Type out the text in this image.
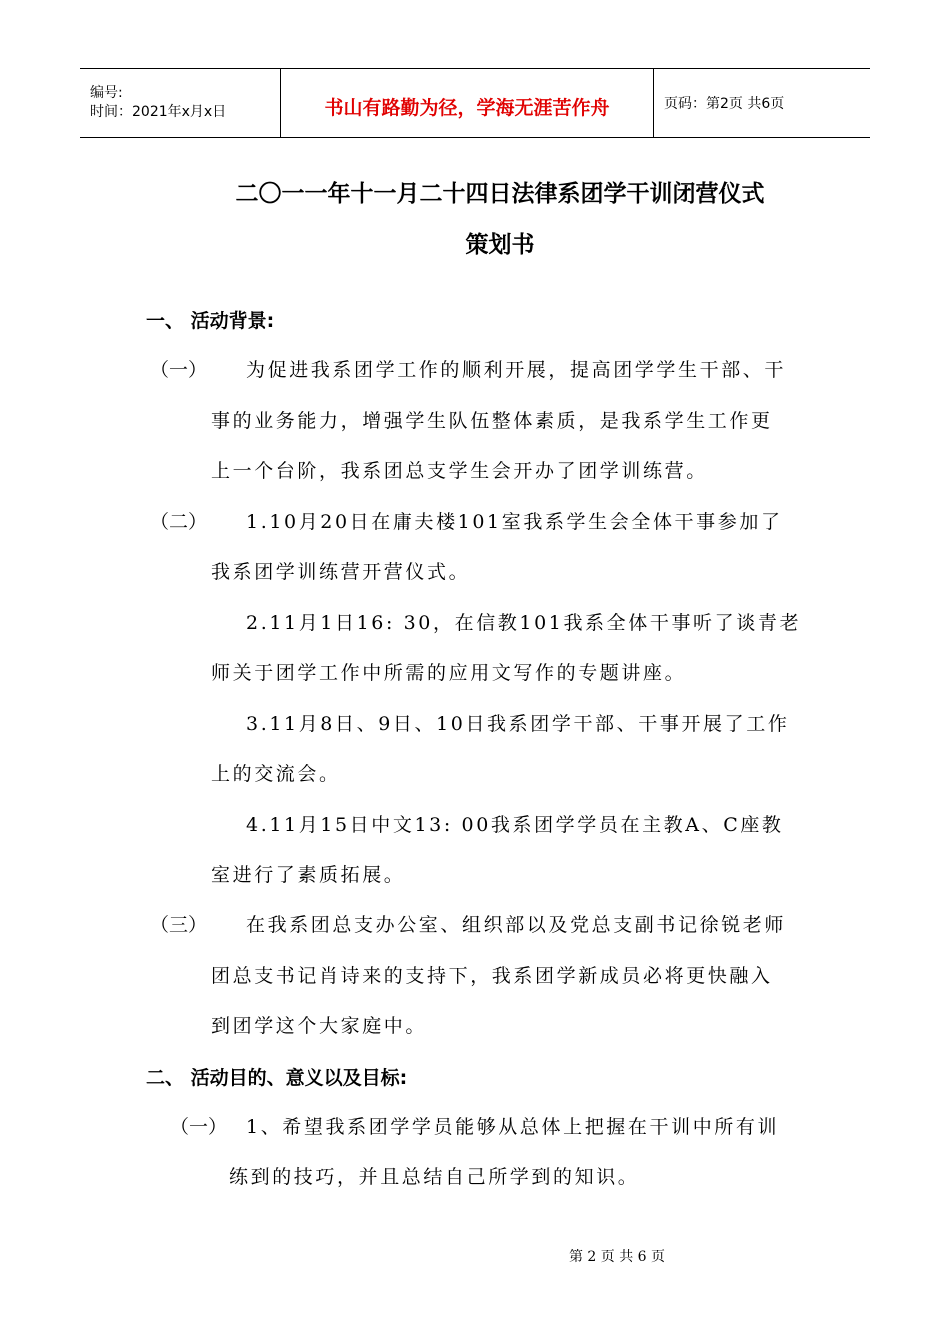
编号:
时间：2021年x月x日	书山有路勤为径，学海无涯苦作舟	页码：第2页 共6页
二〇一一年十一月二十四日法律系团学干训闭营仪式
策划书
一、 活动背景:
（一） 为促进我系团学工作的顺利开展，提高团学学生干部、干
事的业务能力，增强学生队伍整体素质，是我系学生工作更
上一个台阶，我系团总支学生会开办了团学训练营。
（二） 1.10月20日在庸夫楼101室我系学生会全体干事参加了
我系团学训练营开营仪式。
2.11月1日16: 30，在信教101我系全体干事听了谈青老
师关于团学工作中所需的应用文写作的专题讲座。
3.11月8日、9日、10日我系团学干部、干事开展了工作
上的交流会。
4.11月15日中文13: 00我系团学学员在主教A、C座教
室进行了素质拓展。
（三） 在我系团总支办公室、组织部以及党总支副书记徐锐老师
团总支书记肖诗来的支持下，我系团学新成员必将更快融入
到团学这个大家庭中。
二、 活动目的、意义以及目标:
（一） 1、希望我系团学学员能够从总体上把握在干训中所有训
练到的技巧，并且总结自己所学到的知识。
第 2 页 共 6 页
